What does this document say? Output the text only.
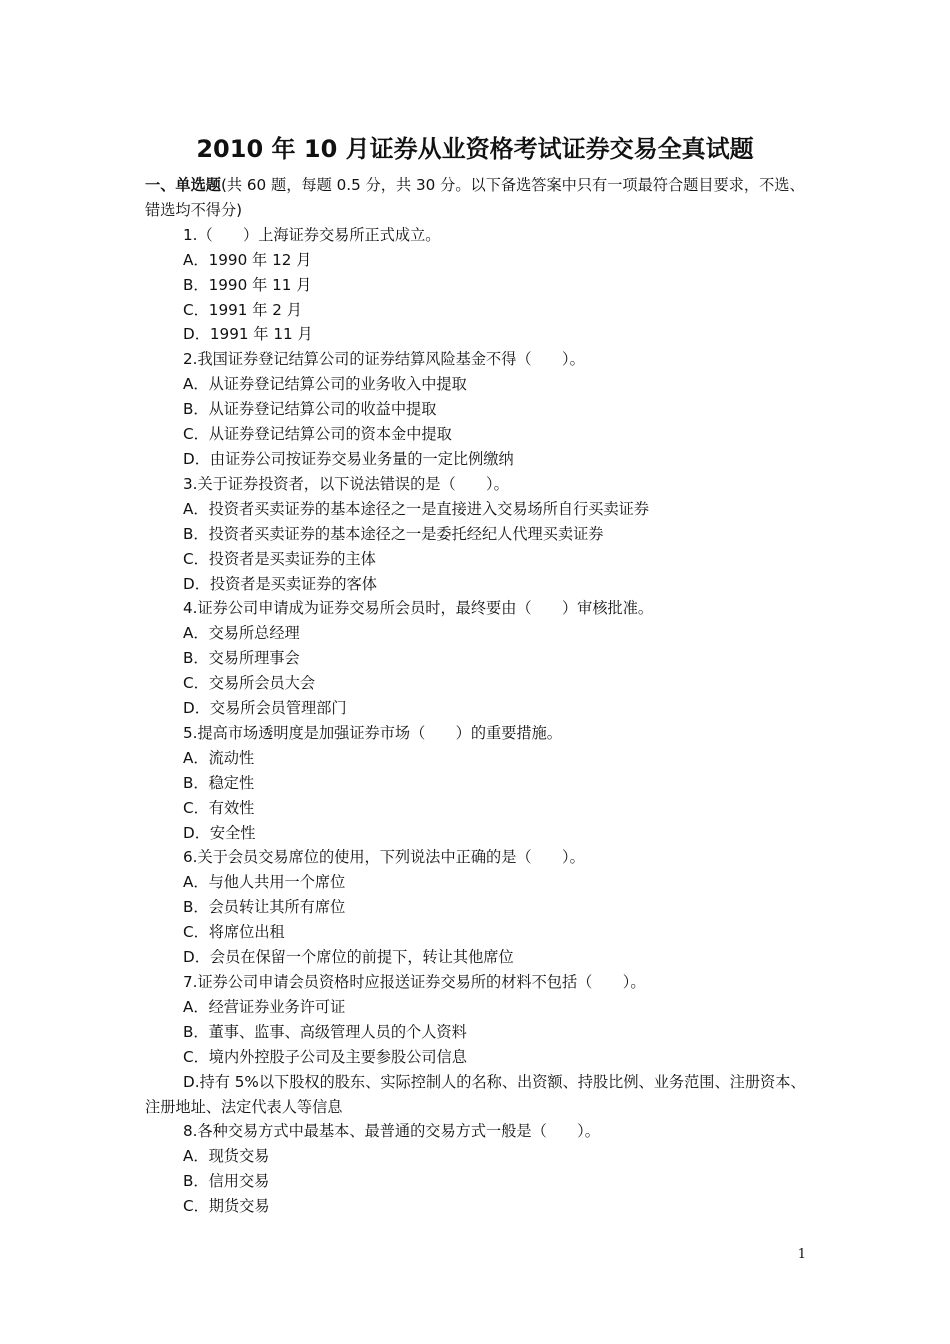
2010 年 10 月证券从业资格考试证券交易全真试题

一、单选题(共 60 题，每题 0.5 分，共 30 分。以下备选答案中只有一项最符合题目要求，不选、错选均不得分)

1.（　　）上海证券交易所正式成立。

A．1990 年 12 月

B．1990 年 11 月

C．1991 年 2 月

D．1991 年 11 月

2.我国证券登记结算公司的证券结算风险基金不得（　　）。

A．从证券登记结算公司的业务收入中提取

B．从证券登记结算公司的收益中提取

C．从证券登记结算公司的资本金中提取

D．由证券公司按证券交易业务量的一定比例缴纳

3.关于证券投资者，以下说法错误的是（　　）。

A．投资者买卖证券的基本途径之一是直接进入交易场所自行买卖证券

B．投资者买卖证券的基本途径之一是委托经纪人代理买卖证券

C．投资者是买卖证券的主体

D．投资者是买卖证券的客体

4.证券公司申请成为证券交易所会员时，最终要由（　　）审核批准。

A．交易所总经理

B．交易所理事会

C．交易所会员大会

D．交易所会员管理部门

5.提高市场透明度是加强证券市场（　　）的重要措施。

A．流动性

B．稳定性

C．有效性

D．安全性

6.关于会员交易席位的使用，下列说法中正确的是（　　）。

A．与他人共用一个席位

B．会员转让其所有席位

C．将席位出租

D．会员在保留一个席位的前提下，转让其他席位

7.证券公司申请会员资格时应报送证券交易所的材料不包括（　　）。

A．经营证券业务许可证

B．董事、监事、高级管理人员的个人资料

C．境内外控股子公司及主要参股公司信息

D.持有 5%以下股权的股东、实际控制人的名称、出资额、持股比例、业务范围、注册资本、注册地址、法定代表人等信息

8.各种交易方式中最基本、最普通的交易方式一般是（　　）。

A．现货交易

B．信用交易

C．期货交易

1
